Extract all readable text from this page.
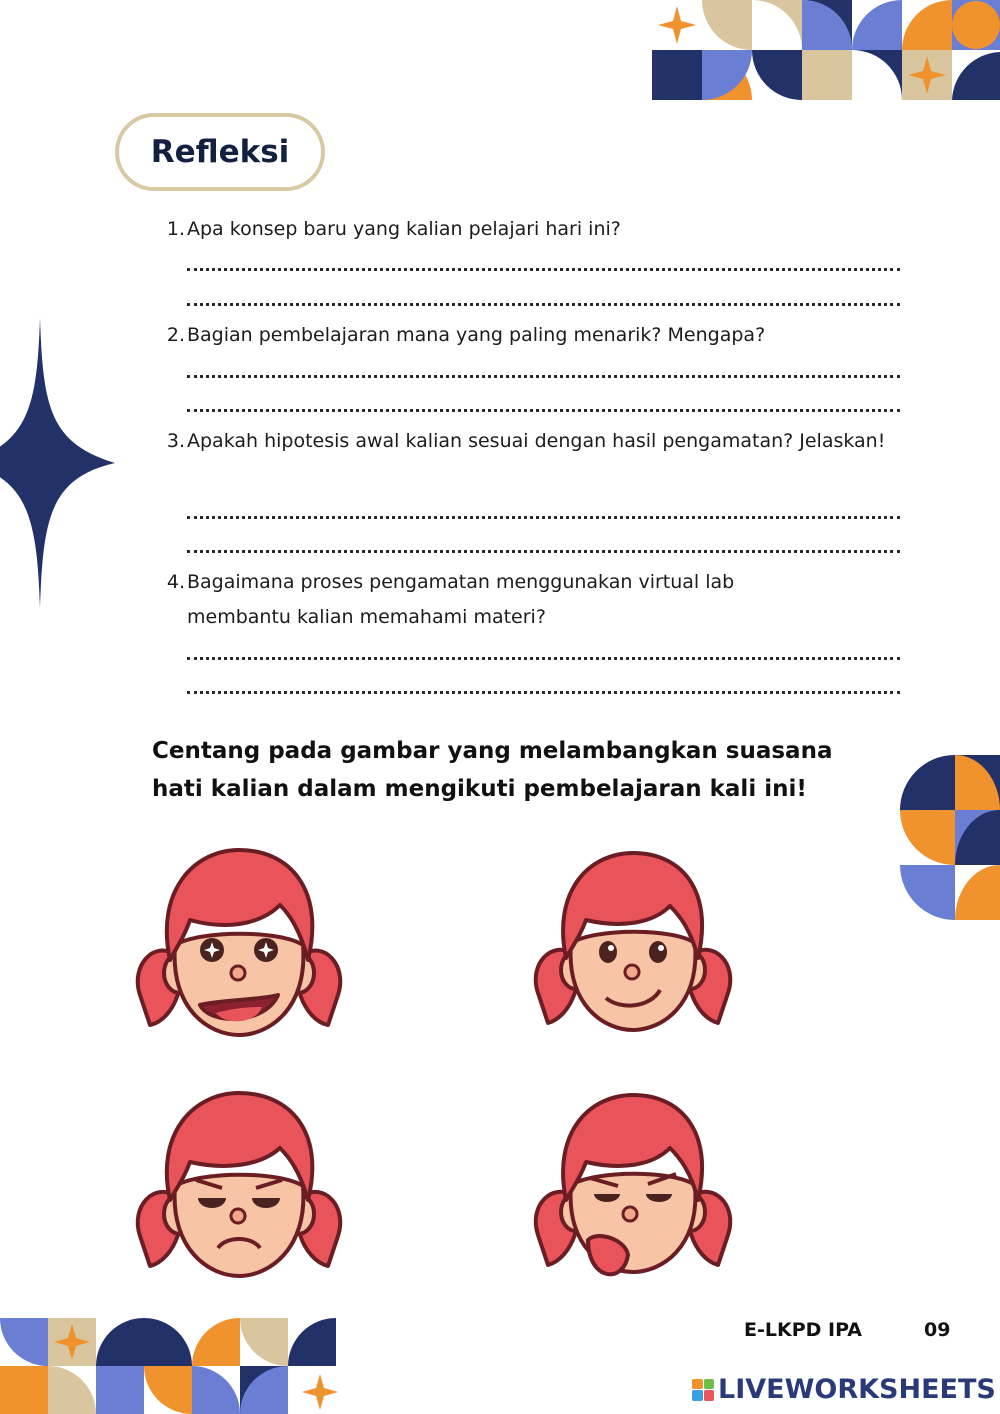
Refleksi
1. Apa konsep baru yang kalian pelajari hari ini?
2. Bagian pembelajaran mana yang paling menarik? Mengapa?
3. Apakah hipotesis awal kalian sesuai dengan hasil pengamatan? Jelaskan!
4. Bagaimana proses pengamatan menggunakan virtual lab membantu kalian memahami materi?
Centang pada gambar yang melambangkan suasana hati kalian dalam mengikuti pembelajaran kali ini!
E-LKPD IPA	09
LIVEWORKSHEETS
